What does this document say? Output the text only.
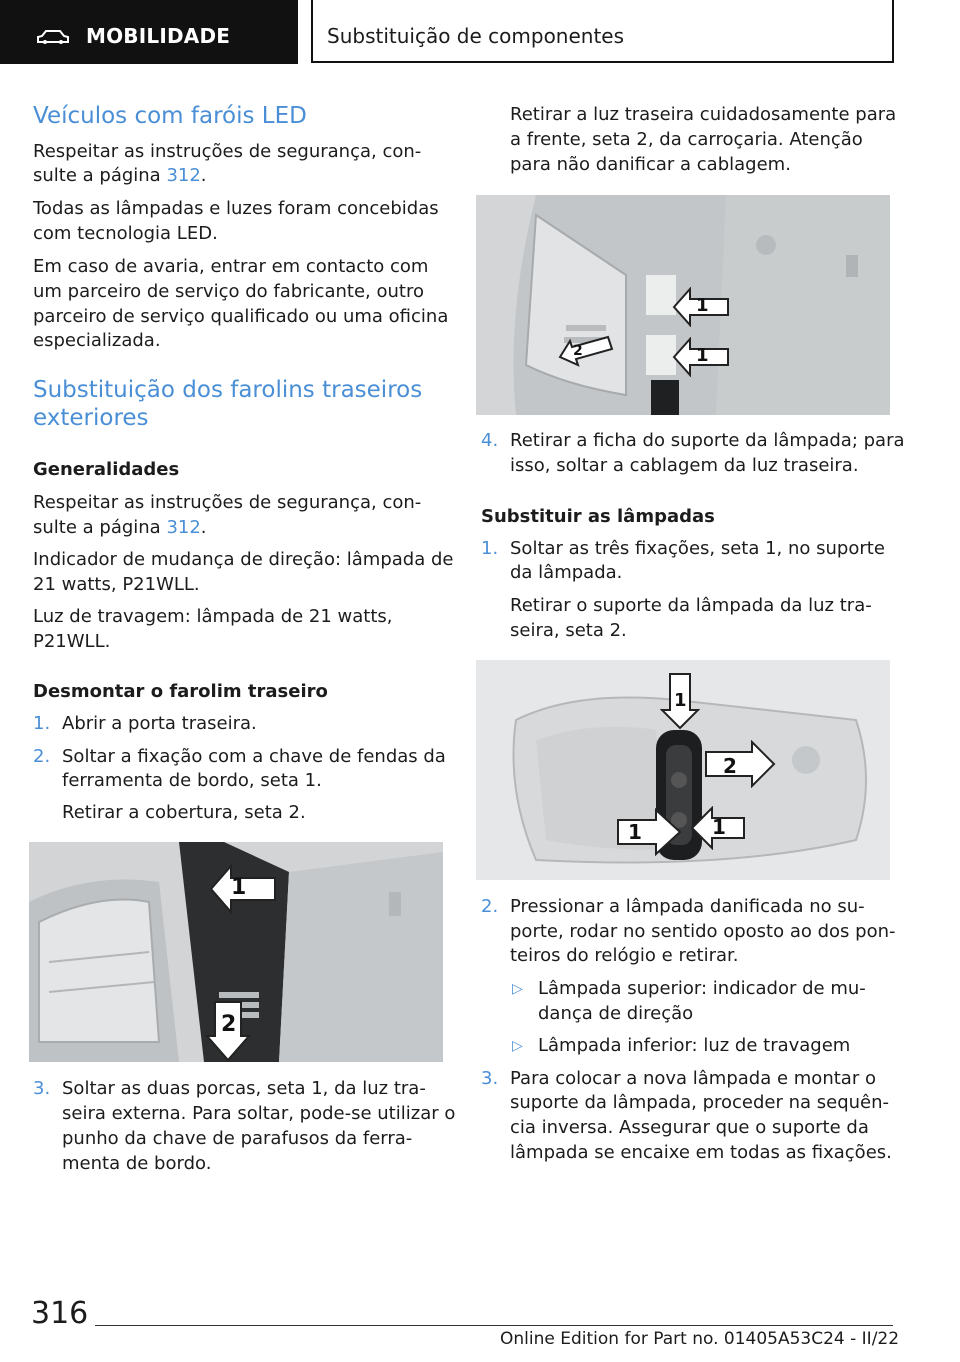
MOBILIDADE	Substituição de componentes
Veículos com faróis LED
Respeitar as instruções de segurança, con-
sulte a página 312.
Todas as lâmpadas e luzes foram concebidas
com tecnologia LED.
Em caso de avaria, entrar em contacto com
um parceiro de serviço do fabricante, outro
parceiro de serviço qualificado ou uma oficina
especializada.
Substituição dos farolins traseiros
exteriores
Generalidades
Respeitar as instruções de segurança, con-
sulte a página 312.
Indicador de mudança de direção: lâmpada de
21 watts, P21WLL.
Luz de travagem: lâmpada de 21 watts,
P21WLL.
Desmontar o farolim traseiro
1. Abrir a porta traseira.
2. Soltar a fixação com a chave de fendas da
ferramenta de bordo, seta 1.
Retirar a cobertura, seta 2.
1
2
3. Soltar as duas porcas, seta 1, da luz tra-
seira externa. Para soltar, pode-se utilizar o
punho da chave de parafusos da ferra-
menta de bordo.
Retirar a luz traseira cuidadosamente para
a frente, seta 2, da carroçaria. Atenção
para não danificar a cablagem.
1
1
2
4. Retirar a ficha do suporte da lâmpada; para
isso, soltar a cablagem da luz traseira.
Substituir as lâmpadas
1. Soltar as três fixações, seta 1, no suporte
da lâmpada.
Retirar o suporte da lâmpada da luz tra-
seira, seta 2.
1
2
1	1
2. Pressionar a lâmpada danificada no su-
porte, rodar no sentido oposto ao dos pon-
teiros do relógio e retirar.
▷ Lâmpada superior: indicador de mu-
dança de direção
▷ Lâmpada inferior: luz de travagem
3. Para colocar a nova lâmpada e montar o
suporte da lâmpada, proceder na sequên-
cia inversa. Assegurar que o suporte da
lâmpada se encaixe em todas as fixações.
316
Online Edition for Part no. 01405A53C24 - II/22
